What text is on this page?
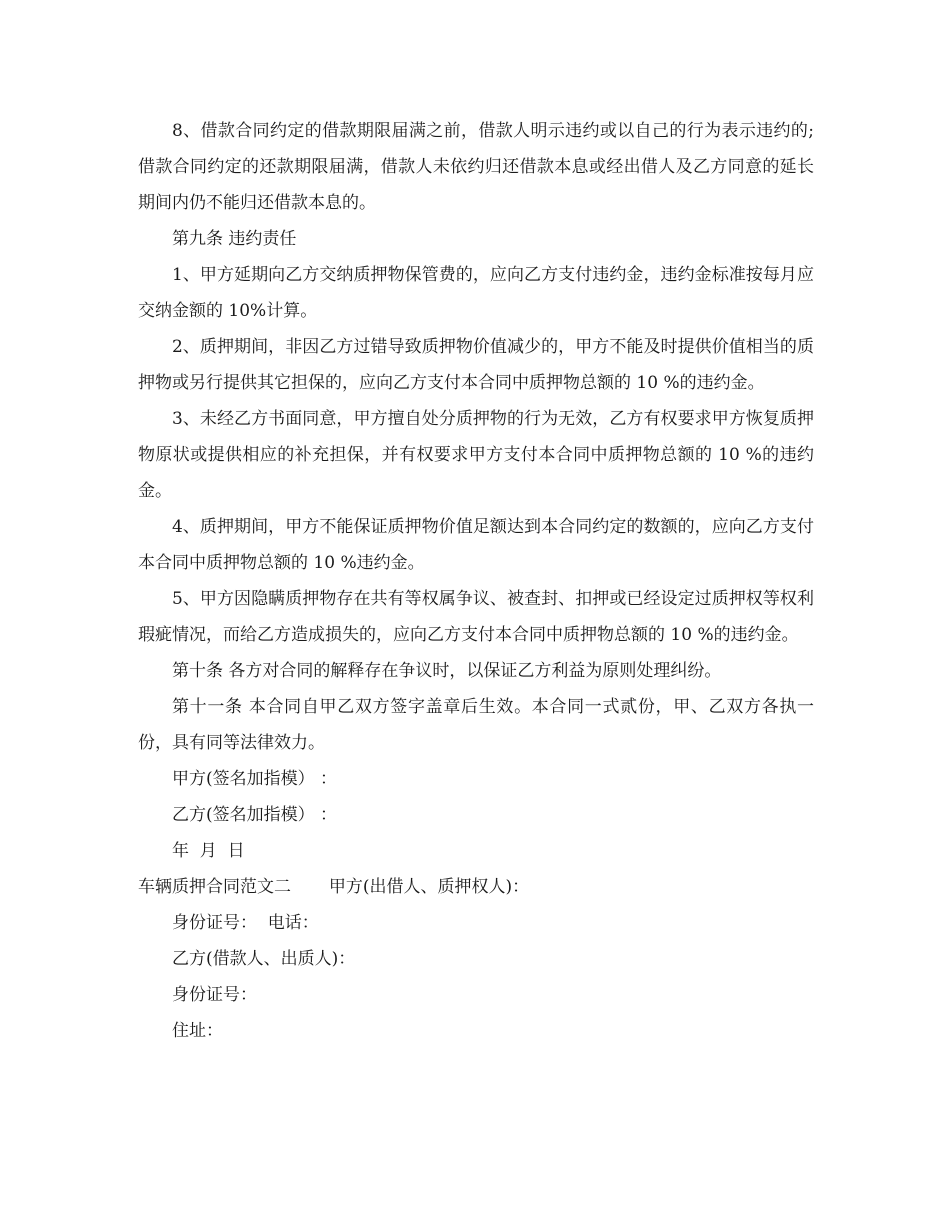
8、借款合同约定的借款期限届满之前，借款人明示违约或以自己的行为表示违约的;借款合同约定的还款期限届满，借款人未依约归还借款本息或经出借人及乙方同意的延长期间内仍不能归还借款本息的。

第九条 违约责任

1、甲方延期向乙方交纳质押物保管费的，应向乙方支付违约金，违约金标准按每月应交纳金额的 10%计算。

2、质押期间，非因乙方过错导致质押物价值减少的，甲方不能及时提供价值相当的质押物或另行提供其它担保的，应向乙方支付本合同中质押物总额的 10 %的违约金。

3、未经乙方书面同意，甲方擅自处分质押物的行为无效，乙方有权要求甲方恢复质押物原状或提供相应的补充担保，并有权要求甲方支付本合同中质押物总额的 10 %的违约金。

4、质押期间，甲方不能保证质押物价值足额达到本合同约定的数额的，应向乙方支付本合同中质押物总额的 10 %违约金。

5、甲方因隐瞒质押物存在共有等权属争议、被查封、扣押或已经设定过质押权等权利瑕疵情况，而给乙方造成损失的，应向乙方支付本合同中质押物总额的 10 %的违约金。

第十条 各方对合同的解释存在争议时，以保证乙方利益为原则处理纠纷。

第十一条 本合同自甲乙双方签字盖章后生效。本合同一式贰份，甲、乙双方各执一份，具有同等法律效力。

甲方(签名加指模） ：

乙方(签名加指模） ：

年  月  日

车辆质押合同范文二       甲方(出借人、质押权人)：

身份证号：  电话：

乙方(借款人、出质人)：

身份证号：

住址：
